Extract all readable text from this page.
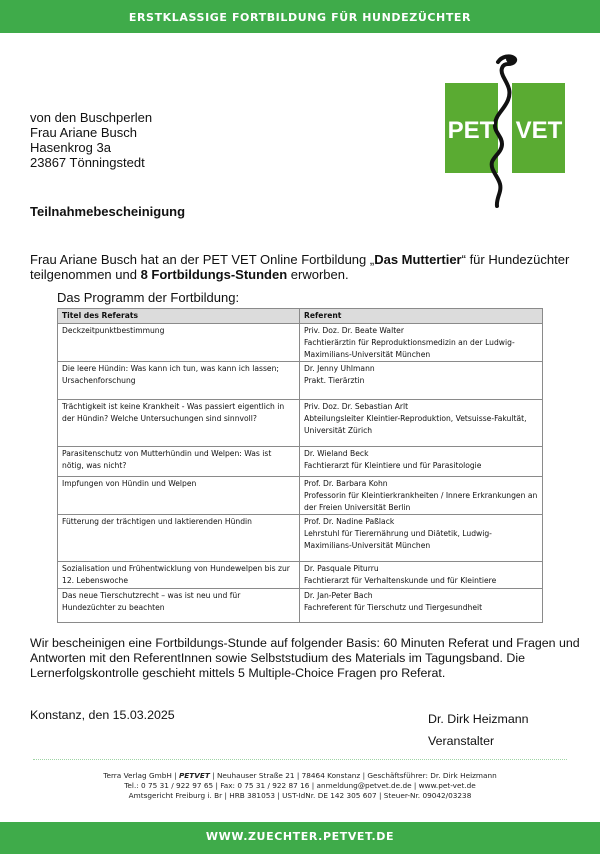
ERSTKLASSIGE FORTBILDUNG FÜR HUNDEZÜCHTER
PET VET
von den Buschperlen
Frau Ariane Busch
Hasenkrog 3a
23867 Tönningstedt
Teilnahmebescheinigung
Frau Ariane Busch hat an der PET VET Online Fortbildung „Das Muttertier“ für Hundezüchter teilgenommen und 8 Fortbildungs-Stunden erworben.
Das Programm der Fortbildung:
Titel des Referats	Referent
Deckzeitpunktbestimmung	Priv. Doz. Dr. Beate Walter
Fachtierärztin für Reproduktionsmedizin an der Ludwig-Maximilians-Universität München

Die leere Hündin: Was kann ich tun, was kann ich lassen; Ursachenforschung	Dr. Jenny Uhlmann
Prakt. Tierärztin

Trächtigkeit ist keine Krankheit - Was passiert eigentlich in der Hündin? Welche Untersuchungen sind sinnvoll?	Priv. Doz. Dr. Sebastian Arlt
Abteilungsleiter Kleintier-Reproduktion, Vetsuisse-Fakultät, Universität Zürich

Parasitenschutz von Mutterhündin und Welpen: Was ist nötig, was nicht?	Dr. Wieland Beck
Fachtierarzt für Kleintiere und für Parasitologie

Impfungen von Hündin und Welpen	Prof. Dr. Barbara Kohn
Professorin für Kleintierkrankheiten / Innere Erkrankungen an der Freien Universität Berlin

Fütterung der trächtigen und laktierenden Hündin	Prof. Dr. Nadine Paßlack
Lehrstuhl für Tierernährung und Diätetik, Ludwig-Maximilians-Universität München

Sozialisation und Frühentwicklung von Hundewelpen bis zur 12. Lebenswoche	Dr. Pasquale Piturru
Fachtierarzt für Verhaltenskunde und für Kleintiere

Das neue Tierschutzrecht – was ist neu und für Hundezüchter zu beachten	Dr. Jan-Peter Bach
Fachreferent für Tierschutz und Tiergesundheit
Wir bescheinigen eine Fortbildungs-Stunde auf folgender Basis: 60 Minuten Referat und Fragen und Antworten mit den ReferentInnen sowie Selbststudium des Materials im Tagungsband. Die Lernerfolgskontrolle geschieht mittels 5 Multiple-Choice Fragen pro Referat.
Konstanz, den 15.03.2025	Dr. Dirk Heizmann
Veranstalter
Terra Verlag GmbH | PETVET | Neuhauser Straße 21 | 78464 Konstanz | Geschäftsführer: Dr. Dirk Heizmann
Tel.: 0 75 31 / 922 97 65 | Fax: 0 75 31 / 922 87 16 | anmeldung@petvet.de.de | www.pet-vet.de
Amtsgericht Freiburg i. Br | HRB 381053 | UST-IdNr. DE 142 305 607 | Steuer-Nr. 09042/03238
WWW.ZUECHTER.PETVET.DE
